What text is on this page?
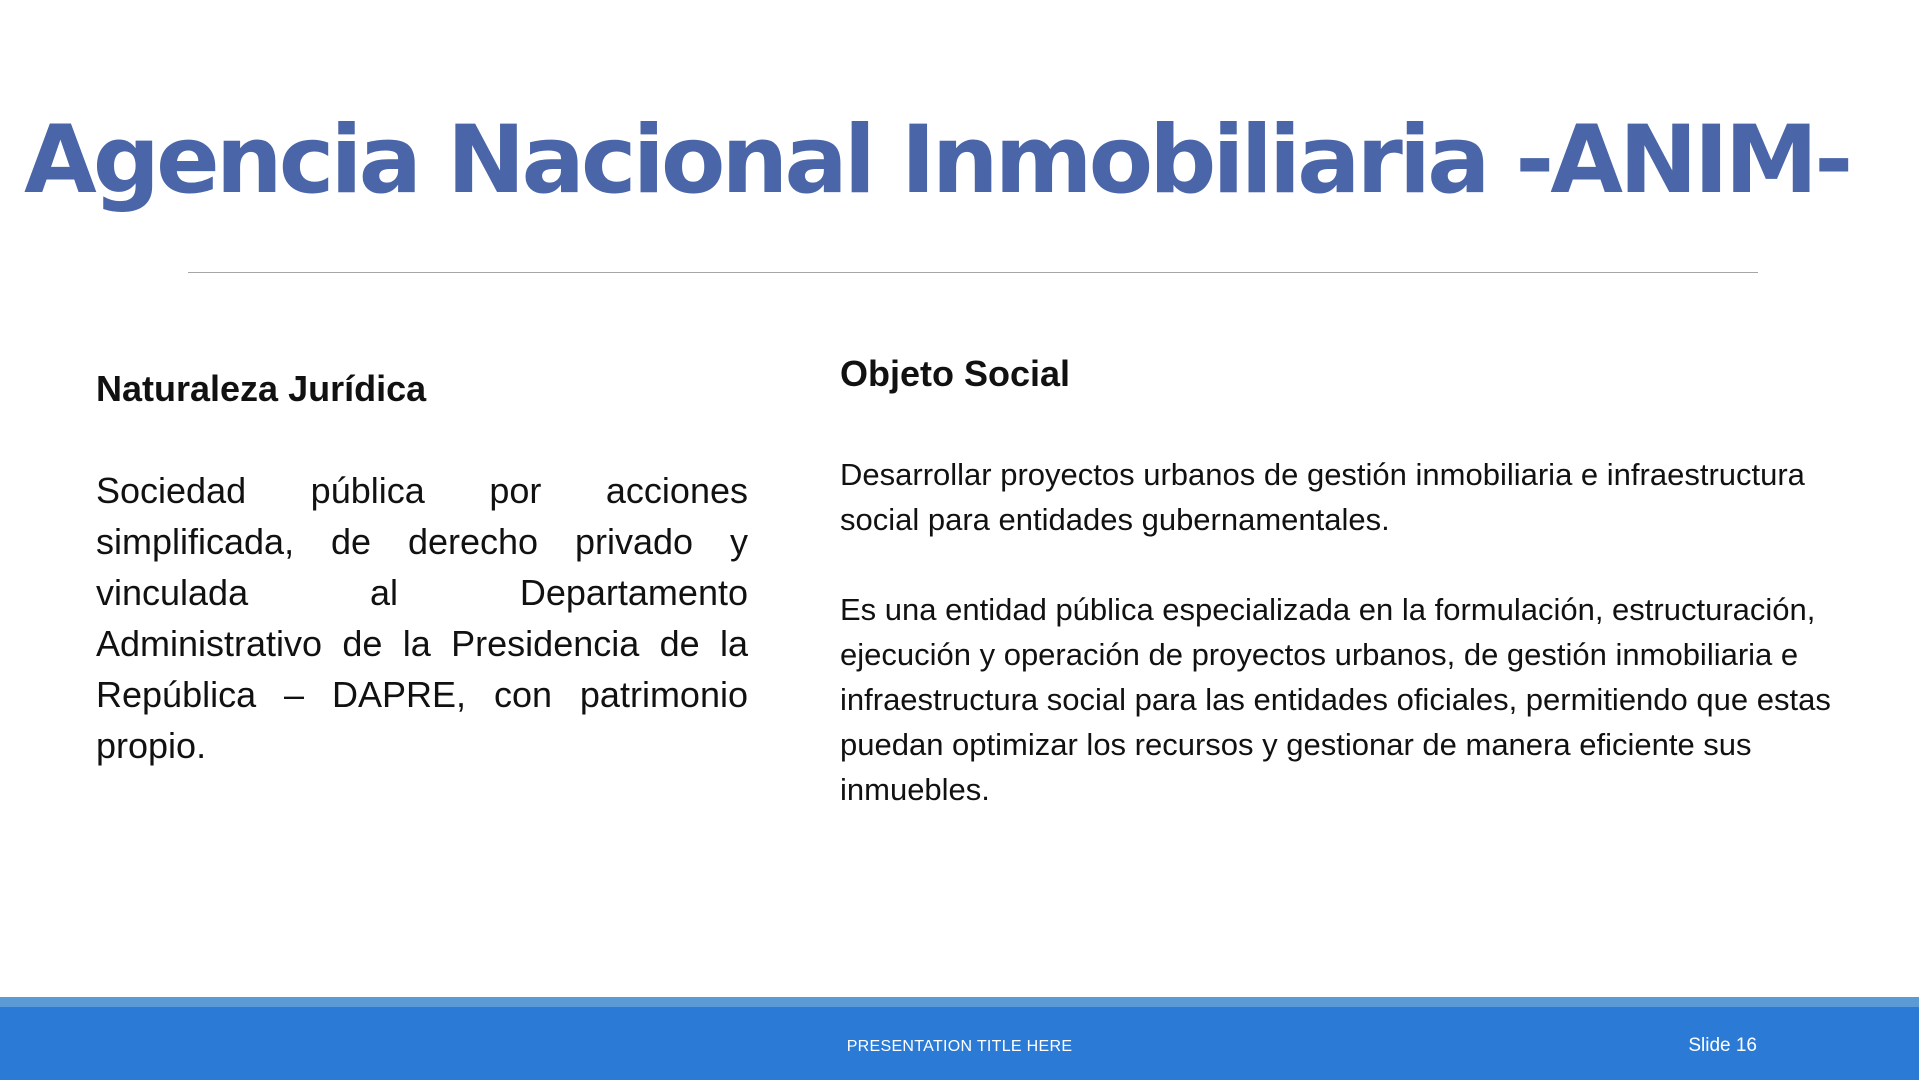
Agencia Nacional Inmobiliaria -ANIM-
Naturaleza Jurídica

Sociedad pública por acciones simplificada, de derecho privado y vinculada al Departamento Administrativo de la Presidencia de la República – DAPRE, con patrimonio propio.

Objeto Social

Desarrollar proyectos urbanos de gestión inmobiliaria e infraestructura social para entidades gubernamentales.

Es una entidad pública especializada en la formulación, estructuración, ejecución y operación de proyectos urbanos, de gestión inmobiliaria e infraestructura social para las entidades oficiales, permitiendo que estas puedan optimizar los recursos y gestionar de manera eficiente sus inmuebles.

PRESENTATION TITLE HERE	Slide 16
